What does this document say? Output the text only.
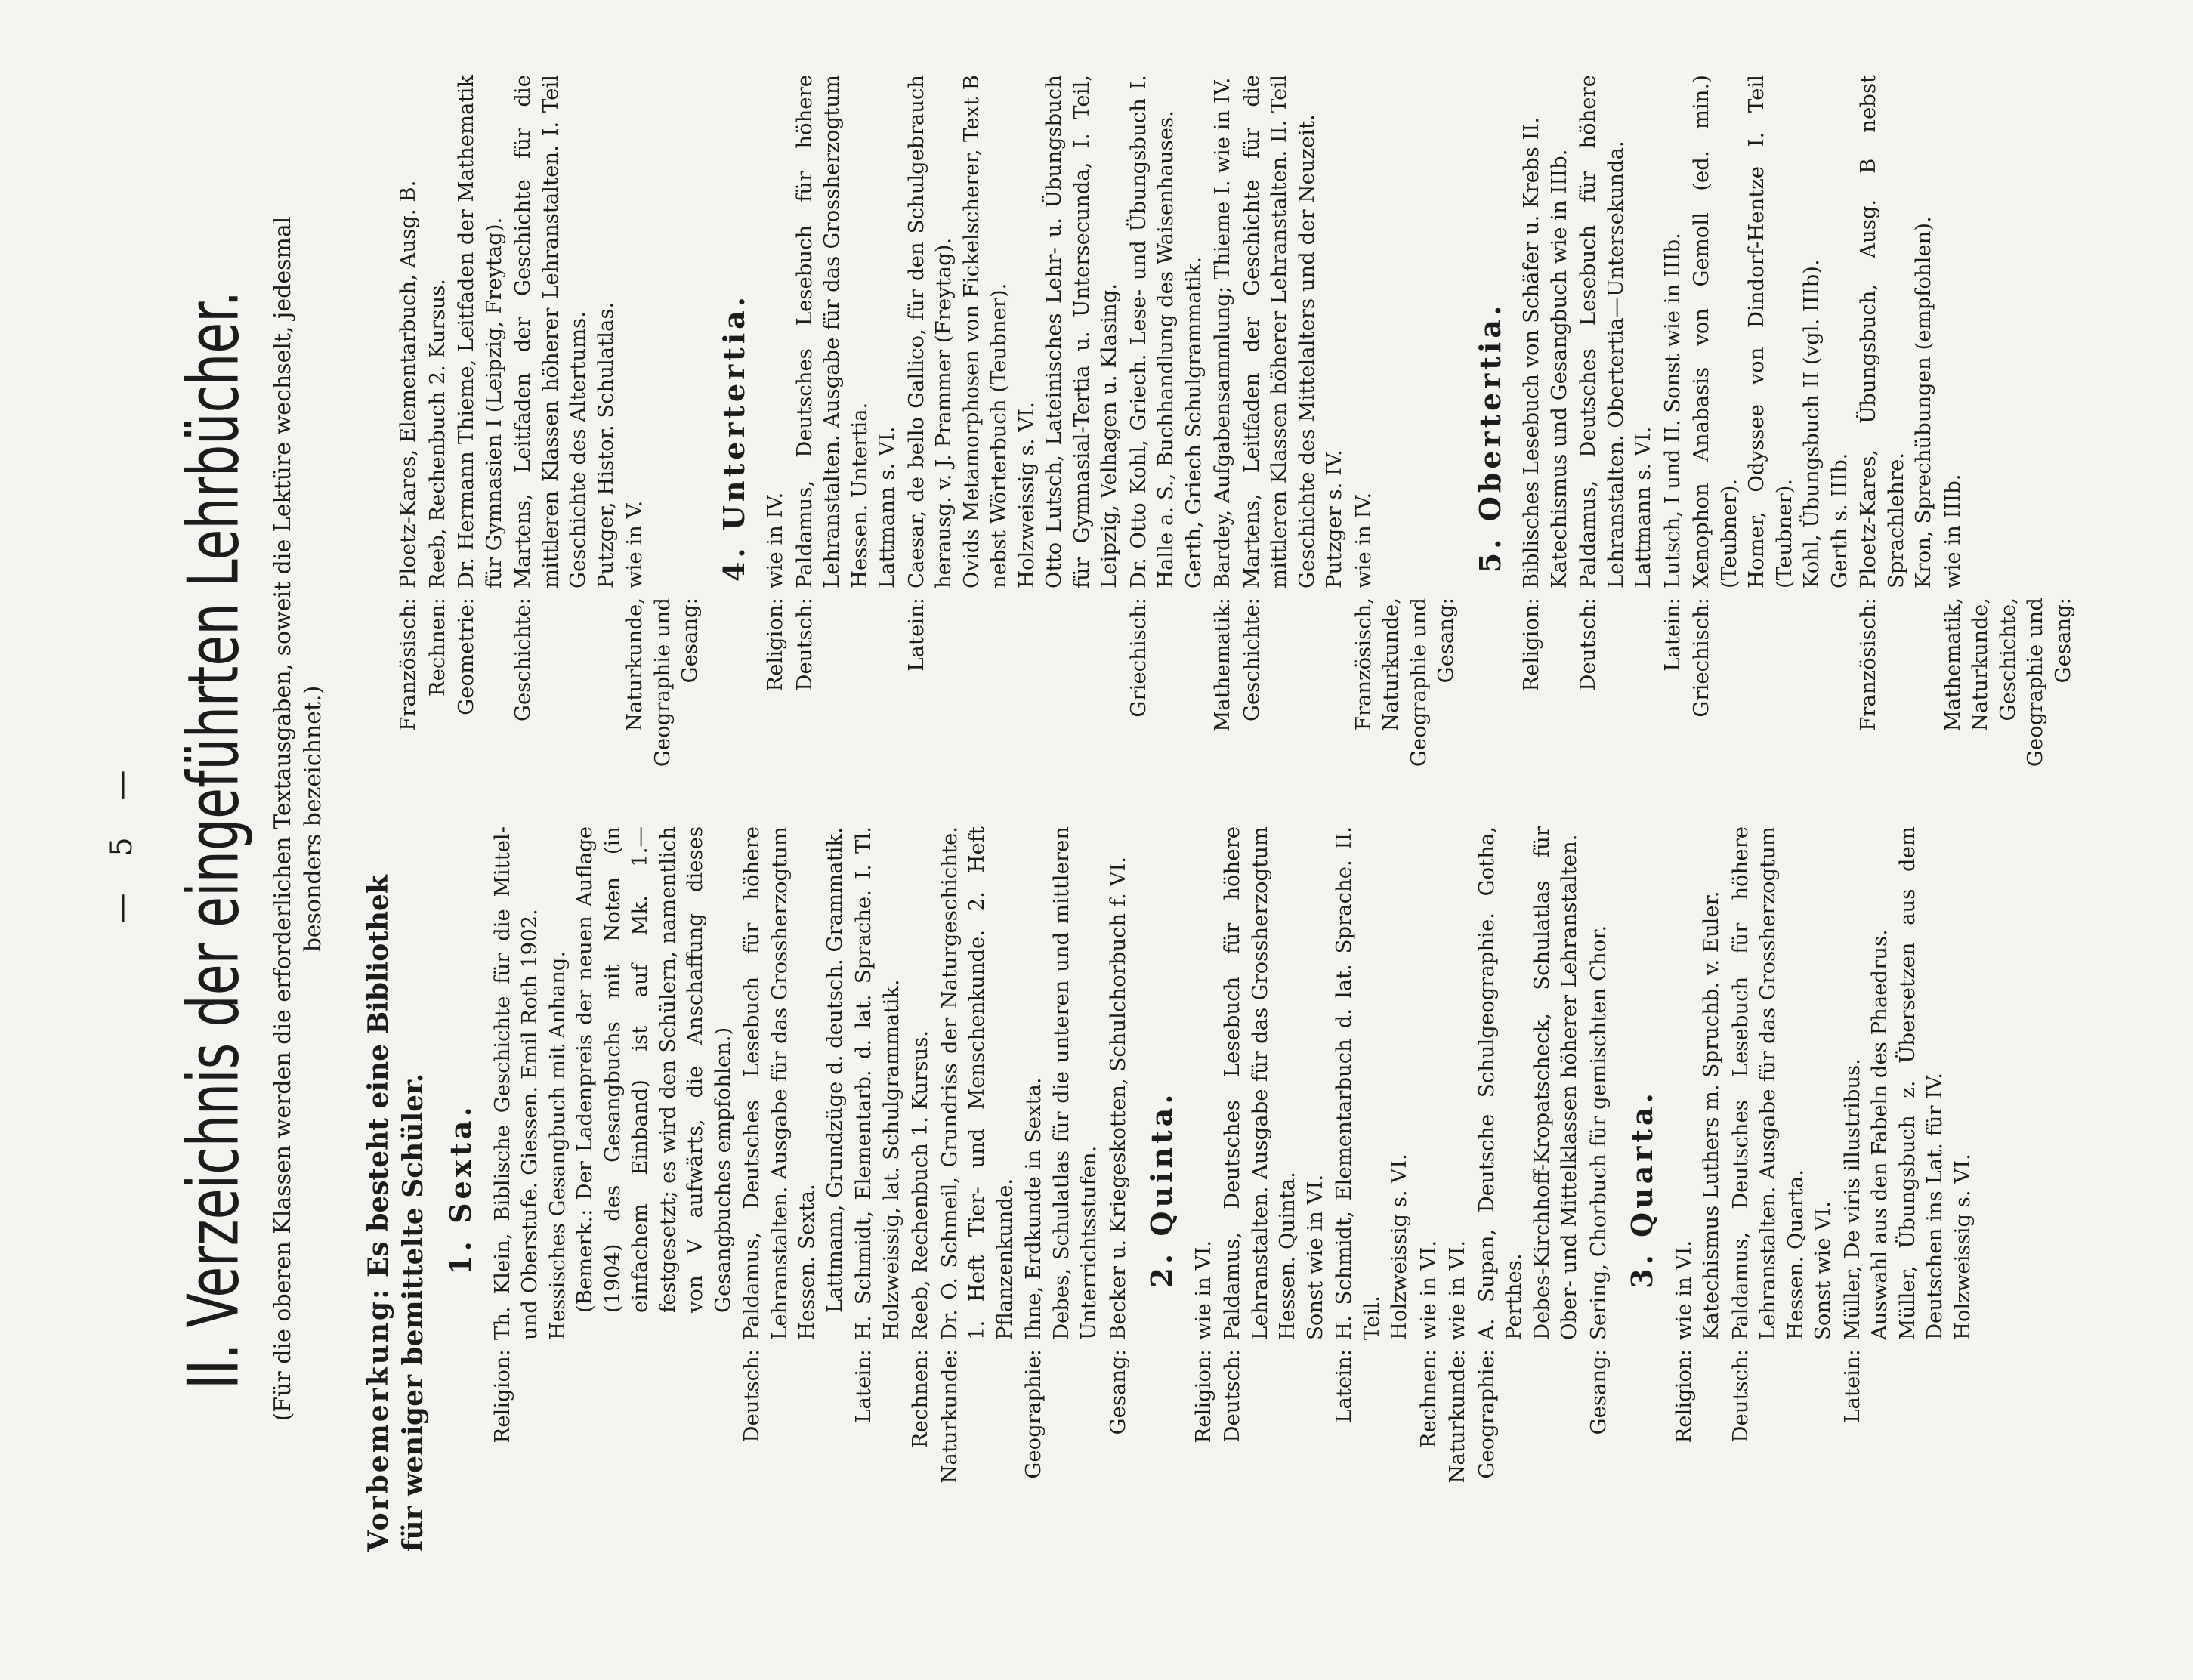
— 5 — II. Verzeichnis der eingeführten Lehrbücher. (Für die oberen Klassen werden die erforderlichen Textausgaben, soweit die Lektüre wechselt, jedesmal besonders bezeichnet.)
Vorbemerkung: Es besteht eine Bibliothek für weniger bemittelte Schüler. 1. Sexta.
Religion:

Th. Klein, Biblische Geschichte für die Mittel- und Oberstufe. Giessen. Emil Roth 1902. Hessisches Gesangbuch mit Anhang. (Bemerk.: Der Ladenpreis der neuen Auflage (1904) des Gesangbuchs mit Noten (in einfachem Einband) ist auf Mk. 1.— festgesetzt; es wird den Schülern, namentlich von V aufwärts, die Anschaffung dieses Gesangbuches empfohlen.)

Deutsch:

Paldamus, Deutsches Lesebuch für höhere Lehranstalten. Ausgabe für das Grossherzogtum Hessen. Sexta. Lattmann, Grundzüge d. deutsch. Grammatik.

Latein:
H. Schmidt, Elementarb. d. lat. Sprache. I. Tl. Holzweissig, lat. Schulgrammatik.
Rechnen:
Reeb, Rechenbuch 1. Kursus.
Naturkunde:
Dr. O. Schmeil, Grundriss der Naturgeschichte. 1. Heft Tier- und Menschenkunde. 2. Heft Pflanzenkunde.
Geographie:

Ihne, Erdkunde in Sexta. Debes, Schulatlas für die unteren und mittleren Unterrichtsstufen.

Gesang:
Becker u. Kriegeskotten, Schulchorbuch f. VI. 2. Quinta.
Religion:
wie in VI.
Deutsch:

Paldamus, Deutsches Lesebuch für höhere Lehranstalten. Ausgabe für das Grossherzogtum Hessen. Quinta. Sonst wie in VI.

Latein:

H. Schmidt, Elementarbuch d. lat. Sprache. II. Teil. Holzweissig s. VI.

Rechnen:
wie in VI.
Naturkunde:
wie in VI.
Geographie:

A. Supan, Deutsche Schulgeographie. Gotha, Perthes. Debes-Kirchhoff-Kropatscheck, Schulatlas für Ober- und Mittelklassen höherer Lehranstalten.

Gesang:
Sering, Chorbuch für gemischten Chor. 3. Quarta.
Religion:

wie in VI. Katechismus Luthers m. Spruchb. v. Euler.

Deutsch:

Paldamus, Deutsches Lesebuch für höhere Lehranstalten. Ausgabe für das Grossherzogtum Hessen. Quarta. Sonst wie VI.

Latein:

Müller, De viris illustribus. Auswahl aus den Fabeln des Phaedrus. Müller, Übungsbuch z. Übersetzen aus dem Deutschen ins Lat. für IV. Holzweissig s. VI.

Französisch:
Ploetz-Kares, Elementarbuch, Ausg. B.
Rechnen:
Reeb, Rechenbuch 2. Kursus.
Geometrie:
Dr. Hermann Thieme, Leitfaden der Mathematik für Gymnasien I (Leipzig, Freytag).
Geschichte:

Martens, Leitfaden der Geschichte für die mittleren Klassen höherer Lehranstalten. I. Teil Geschichte des Altertums. Putzger, Histor. Schulatlas.

Naturkunde, Geographie und Gesang:
wie in V.	4. Untertertia.
Religion:
wie in IV.
Deutsch:

Paldamus, Deutsches Lesebuch für höhere Lehranstalten. Ausgabe für das Grossherzogtum Hessen. Untertia. Lattmann s. VI.

Latein:

Caesar, de bello Gallico, für den Schulgebrauch herausg. v. J. Prammer (Freytag). Ovids Metamorphosen von Fickelscherer, Text B nebst Wörterbuch (Teubner). Holzweissig s. VI. Otto Lutsch, Lateinisches Lehr- u. Übungsbuch für Gymnasial-Tertia u. Untersecunda, I. Teil, Leipzig, Velhagen u. Klasing.

Griechisch:

Dr. Otto Kohl, Griech. Lese- und Übungsbuch I. Halle a. S., Buchhandlung des Waisenhauses. Gerth, Griech Schulgrammatik.

Mathematik:
Bardey, Aufgabensammlung; Thieme I. wie in IV.
Geschichte:

Martens, Leitfaden der Geschichte für die mittleren Klassen höherer Lehranstalten. II. Teil Geschichte des Mittelalters und der Neuzeit. Putzger s. IV.

Französisch, Naturkunde, Geographie und Gesang:
wie in IV.	5. Obertertia.
Religion:

Biblisches Lesebuch von Schäfer u. Krebs II. Katechismus und Gesangbuch wie in IIIb.

Deutsch:

Paldamus, Deutsches Lesebuch für höhere Lehranstalten. Obertertia—Untersekunda. Lattmann s. VI.

Latein:
Lutsch, I und II. Sonst wie in IIIb.
Griechisch:

Xenophon Anabasis von Gemoll (ed. min.) (Teubner). Homer, Odyssee von Dindorf-Hentze I. Teil (Teubner). Kohl, Übungsbuch II (vgl. IIIb). Gerth s. IIIb.

Französisch:

Ploetz-Kares, Übungsbuch, Ausg. B nebst Sprachlehre. Kron, Sprechübungen (empfohlen).

Mathematik, Naturkunde, Geschichte, Geographie und Gesang:
wie in IIIb.
